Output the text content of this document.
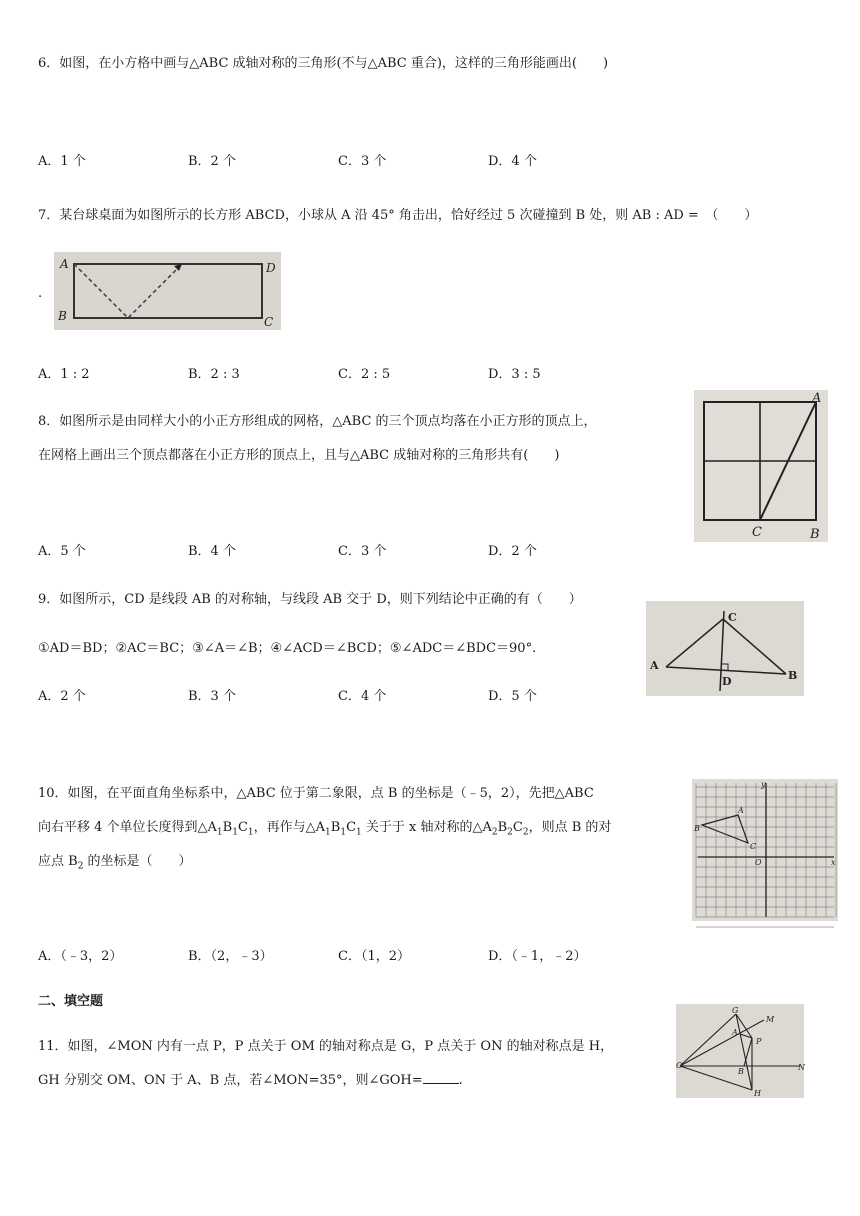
6．如图，在小方格中画与△ABC 成轴对称的三角形(不与△ABC 重合)，这样的三角形能画出(　　)
A．1 个	B．2 个	C．3 个	D．4 个
7．某台球桌面为如图所示的长方形 ABCD，小球从 A 沿 45° 角击出，恰好经过 5 次碰撞到 B 处，则 AB : AD =　（　　）
.
A	D
B	C
A．1 : 2	B．2 : 3	C．2 : 5	D．3 : 5
8．如图所示是由同样大小的小正方形组成的网格，△ABC 的三个顶点均落在小正方形的顶点上，
在网格上画出三个顶点都落在小正方形的顶点上，且与△ABC 成轴对称的三角形共有(　　)
A
C	B
A．5 个	B．4 个	C．3 个	D．2 个
9．如图所示，CD 是线段 AB 的对称轴，与线段 AB 交于 D，则下列结论中正确的有（　　）
①AD＝BD；②AC＝BC；③∠A＝∠B；④∠ACD＝∠BCD；⑤∠ADC＝∠BDC＝90°.
C
A
D	B
A．2 个	B．3 个	C．4 个	D．5 个
10．如图，在平面直角坐标系中，△ABC 位于第二象限，点 B 的坐标是（﹣5，2），先把△ABC
向右平移 4 个单位长度得到$\triangle A_1B_1C_1$，再作与$\triangle A_1B_1C_1$ 关于于 x 轴对称的$\triangle A_2B_2C_2$，则点 B 的对
应点 $B_2$ 的坐标是（　　）
y
A
B
C
O	x
A．（﹣3，2）	B．（2，﹣3）	C．（1，2）	D．（﹣1，﹣2）
二、填空题
11．如图，∠MON 内有一点 P，P 点关于 OM 的轴对称点是 G，P 点关于 ON 的轴对称点是 H，
GH 分别交 OM、ON 于 A、B 点，若∠MON=35°，则∠GOH=	.
G
M
A
P
O	N
B
H
